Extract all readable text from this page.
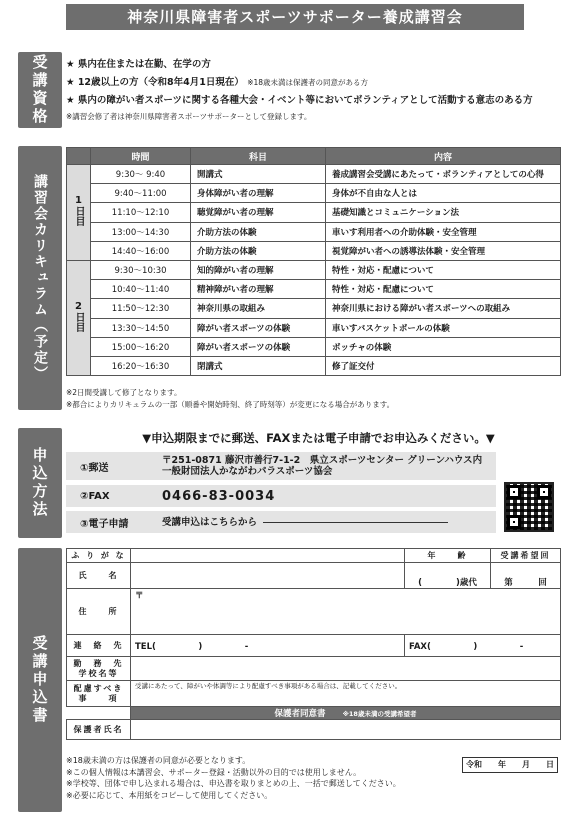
神奈川県障害者スポーツサポーター養成講習会
受講資格
講習会カリキュラム（予定）
申込方法
受講申込書
★ 県内在住または在勤、在学の方
★ 12歳以上の方（令和8年4月1日現在） ※18歳未満は保護者の同意がある方
★ 県内の障がい者スポーツに関する各種大会・イベント等においてボランティアとして活動する意志のある方
※講習会修了者は神奈川県障害者スポーツサポーターとして登録します。
	時間	科目	内容
1日目	9:30〜 9:40	開講式	養成講習会受講にあたって・ボランティアとしての心得
	9:40〜11:00	身体障がい者の理解	身体が不自由な人とは
	11:10〜12:10	聴覚障がい者の理解	基礎知識とコミュニケーション法
	13:00〜14:30	介助方法の体験	車いす利用者への介助体験・安全管理
	14:40〜16:00	介助方法の体験	視覚障がい者への誘導法体験・安全管理
2日目	9:30〜10:30	知的障がい者の理解	特性・対応・配慮について
	10:40〜11:40	精神障がい者の理解	特性・対応・配慮について
	11:50〜12:30	神奈川県の取組み	神奈川県における障がい者スポーツへの取組み
	13:30〜14:50	障がい者スポーツの体験	車いすバスケットボールの体験
	15:00〜16:20	障がい者スポーツの体験	ボッチャの体験
	16:20〜16:30	閉講式	修了証交付
※2日間受講して修了となります。
※都合によりカリキュラムの一部（順番や開始時刻、終了時刻等）が変更になる場合があります。
▼申込期限までに郵送、FAXまたは電子申請でお申込みください。▼
①郵送
〒251-0871 藤沢市善行7-1-2　県立スポーツセンター グリーンハウス内
一般財団法人かながわパラスポーツ協会
②FAX	0466-83-0034
③電子申請	受講申込はこちらから
ふ り が な		年　　齢	受講希望回
氏　　名		(　　　　)歳代	第　　　回
住　　所	〒		
連　絡　先	TEL(　　　　　)　　　　　-	FAX(　　　　　)　　　　　-	
勤　務　先
学校名等			
配慮すべき
事　　項	受講にあたって、障がいや体調等により配慮すべき事項がある場合は、記載してください。		
	保護者同意書　　 ※18歳未満の受講希望者		
保護者氏名			
※18歳未満の方は保護者の同意が必要となります。
※この個人情報は本講習会、サポーター登録・活動以外の目的では使用しません。
※学校等、団体で申し込まれる場合は、申込書を取りまとめの上、一括で郵送してください。
※必要に応じて、本用紙をコピーして使用してください。
令和　　年　　月　　日
